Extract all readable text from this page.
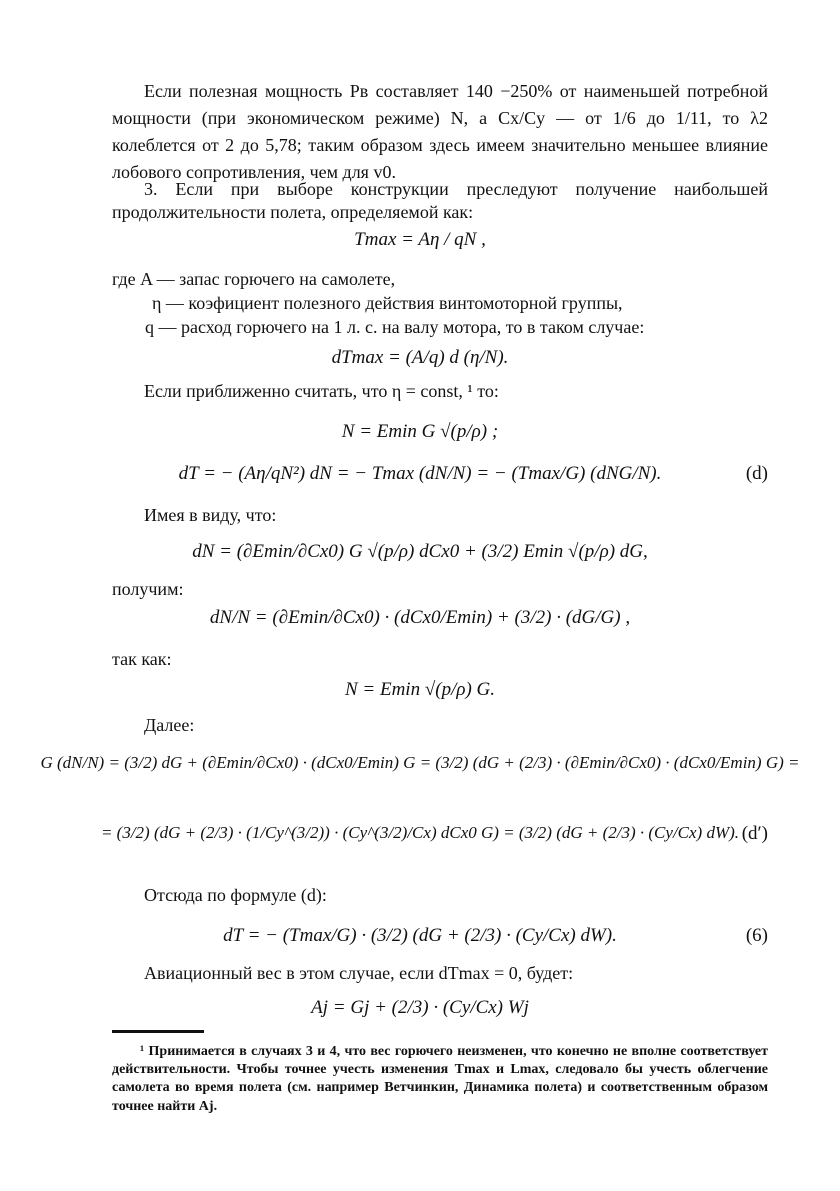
Если полезная мощность Pв составляет 140 −250% от наименьшей потребной мощности (при экономическом режиме) N, а Cx/Cy — от 1/6 до 1/11, то λ2 колеблется от 2 до 5,78; таким образом здесь имеем значительно меньшее влияние лобового сопротивления, чем для v0.
3. Если при выборе конструкции преследуют получение наибольшей продолжительности полета, определяемой как:
Tmax = Aη / qN ,
где A — запас горючего на самолете,
η — коэфициент полезного действия винтомоторной группы,
q — расход горючего на 1 л. с. на валу мотора, то в таком случае:
dTmax = (A/q) d (η/N).
Если приближенно считать, что η = const, ¹ то:
N = Emin G √(p/ρ) ;
dT = − (Aη/qN²) dN = − Tmax (dN/N) = − (Tmax/G) (dNG/N).	(d)
Имея в виду, что:
dN = (∂Emin/∂Cx0) G √(p/ρ) dCx0 + (3/2) Emin √(p/ρ) dG,
получим:
dN/N = (∂Emin/∂Cx0) · (dCx0/Emin) + (3/2) · (dG/G) ,
так как:
N = Emin √(p/ρ) G.
Далее:
G (dN/N) = (3/2) dG + (∂Emin/∂Cx0) · (dCx0/Emin) G = (3/2) (dG + (2/3) · (∂Emin/∂Cx0) · (dCx0/Emin) G) =
= (3/2) (dG + (2/3) · (1/Cy^(3/2)) · (Cy^(3/2)/Cx) dCx0 G) = (3/2) (dG + (2/3) · (Cy/Cx) dW). (d′)
Отсюда по формуле (d):
dT = − (Tmax/G) · (3/2) (dG + (2/3) · (Cy/Cx) dW).	(6)
Авиационный вес в этом случае, если dTmax = 0, будет:
Aj = Gj + (2/3) · (Cy/Cx) Wj
¹ Принимается в случаях 3 и 4, что вес горючего неизменен, что конечно не вполне соответствует действительности. Чтобы точнее учесть изменения Tmax и Lmax, следовало бы учесть облегчение самолета во время полета (см. например Ветчинкин, Динамика полета) и соответственным образом точнее найти Aj.
